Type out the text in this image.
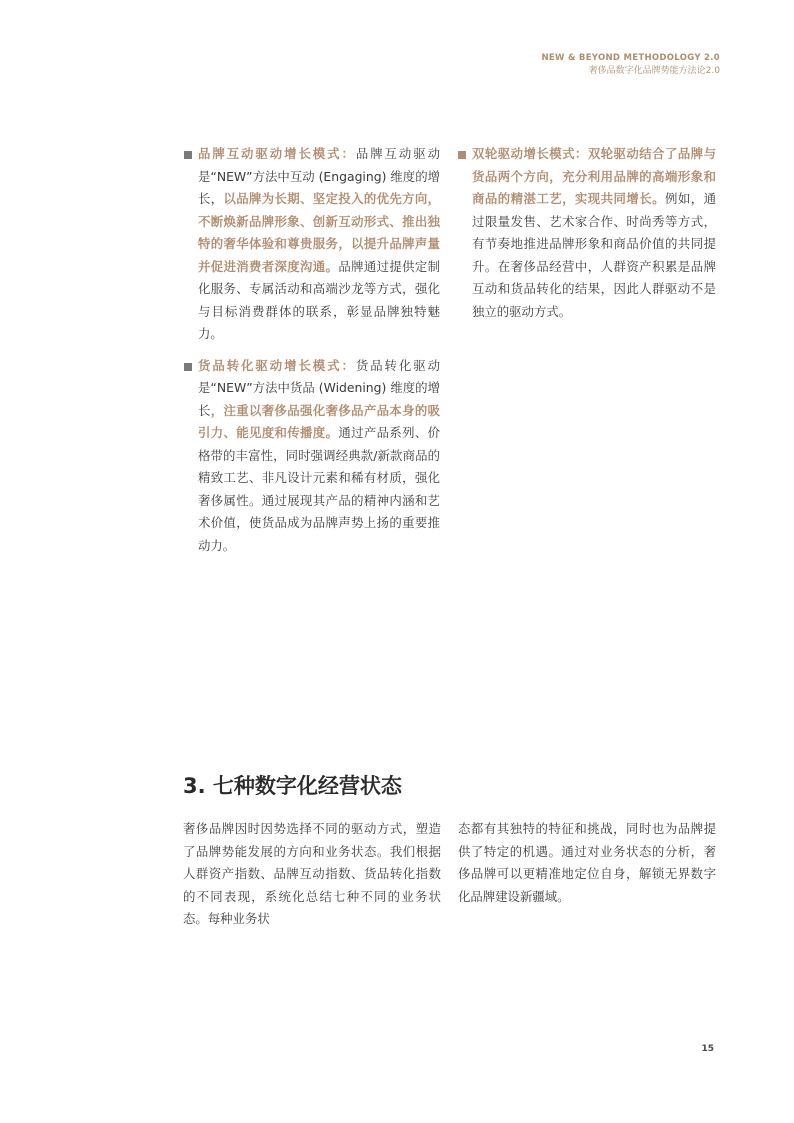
NEW & BEYOND METHODOLOGY 2.0
奢侈品数字化品牌势能方法论2.0

品牌互动驱动增长模式：品牌互动驱动是“NEW”方法中互动 (Engaging) 维度的增长，以品牌为长期、坚定投入的优先方向，不断焕新品牌形象、创新互动形式、推出独特的奢华体验和尊贵服务，以提升品牌声量并促进消费者深度沟通。品牌通过提供定制化服务、专属活动和高端沙龙等方式，强化与目标消费群体的联系，彰显品牌独特魅力。

货品转化驱动增长模式：货品转化驱动是“NEW”方法中货品 (Widening) 维度的增长，注重以奢侈品强化奢侈品产品本身的吸引力、能见度和传播度。通过产品系列、价格带的丰富性，同时强调经典款/新款商品的精致工艺、非凡设计元素和稀有材质，强化奢侈属性。通过展现其产品的精神内涵和艺术价值，使货品成为品牌声势上扬的重要推动力。

双轮驱动增长模式：双轮驱动结合了品牌与货品两个方向，充分利用品牌的高端形象和商品的精湛工艺，实现共同增长。例如，通过限量发售、艺术家合作、时尚秀等方式，有节奏地推进品牌形象和商品价值的共同提升。在奢侈品经营中，人群资产积累是品牌互动和货品转化的结果，因此人群驱动不是独立的驱动方式。

3. 七种数字化经营状态

奢侈品牌因时因势选择不同的驱动方式，塑造了品牌势能发展的方向和业务状态。我们根据人群资产指数、品牌互动指数、货品转化指数的不同表现，系统化总结七种不同的业务状态。每种业务状

态都有其独特的特征和挑战，同时也为品牌提供了特定的机遇。通过对业务状态的分析，奢侈品牌可以更精准地定位自身，解锁无界数字化品牌建设新疆域。

15
